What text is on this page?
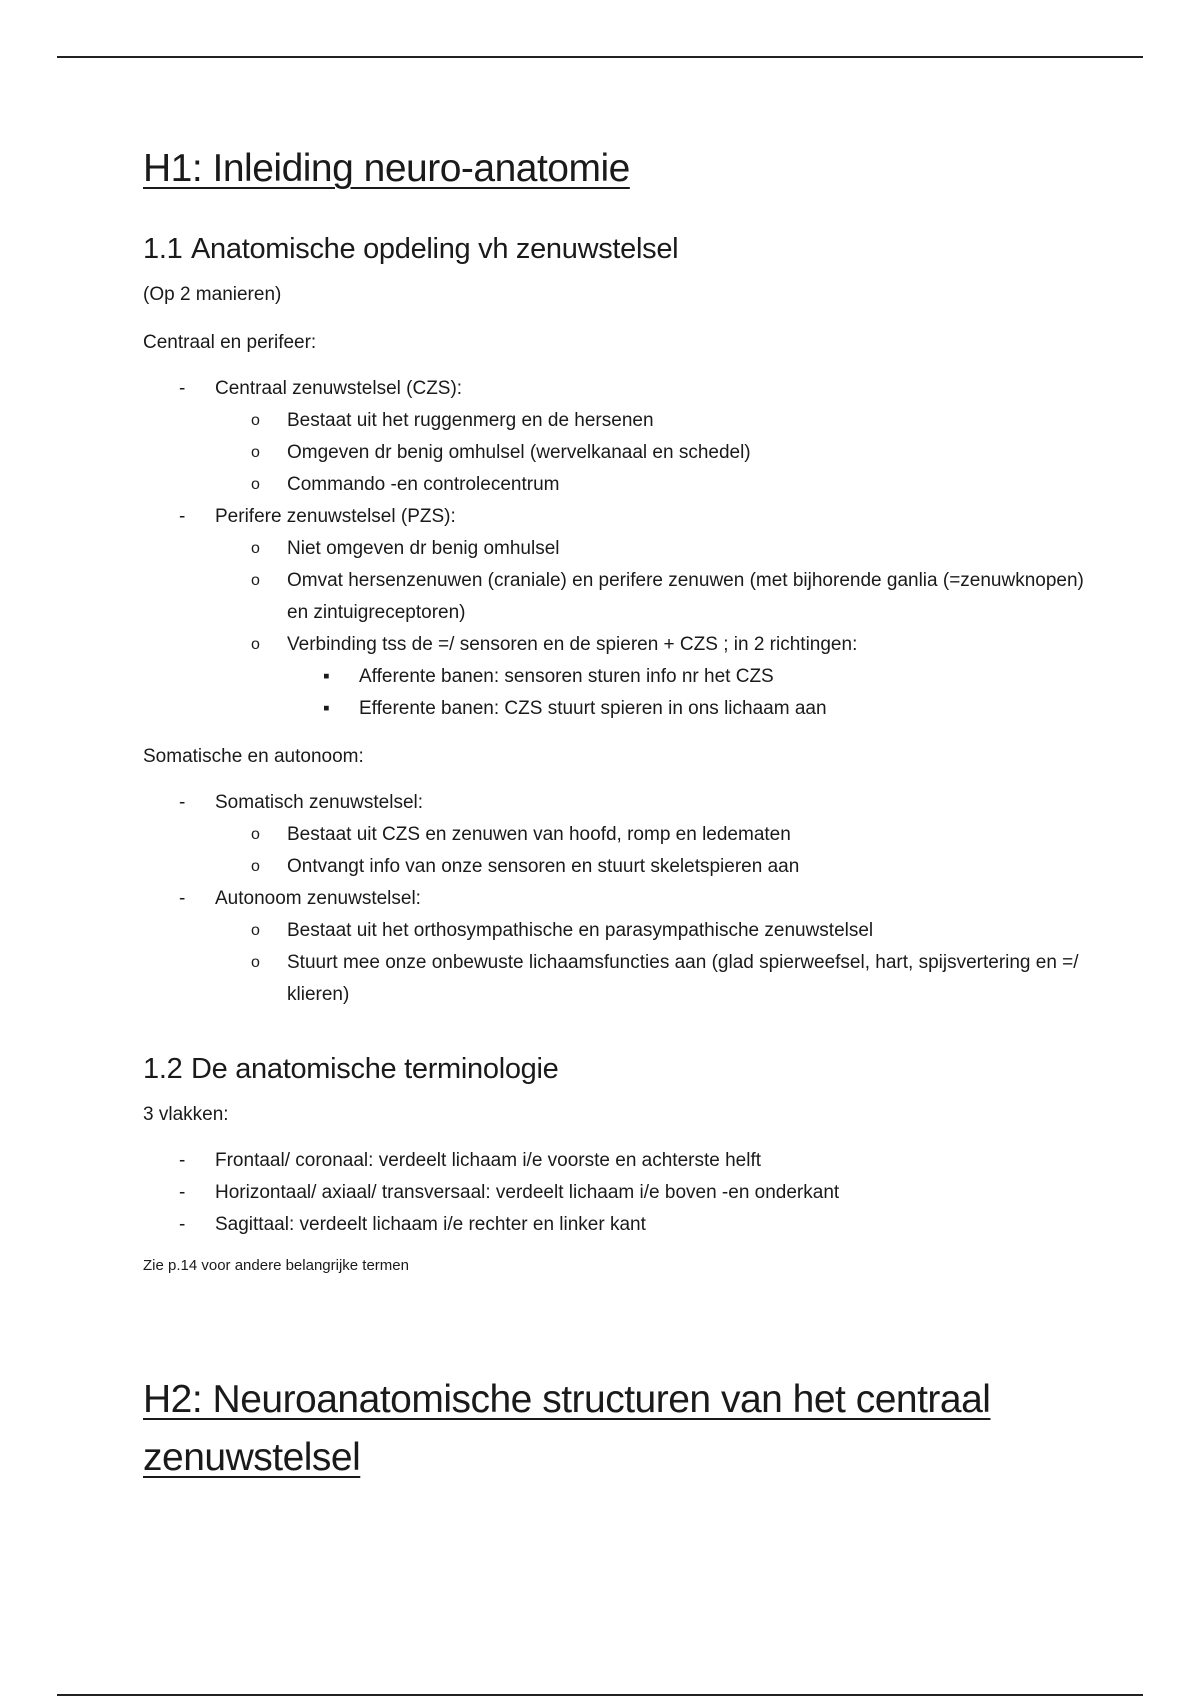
H1: Inleiding neuro-anatomie
1.1 Anatomische opdeling vh zenuwstelsel

(Op 2 manieren)

Centraal en perifeer:

- Centraal zenuwstelsel (CZS):
o	Bestaat uit het ruggenmerg en de hersenen
o	Omgeven dr benig omhulsel (wervelkanaal en schedel)
o	Commando -en controlecentrum
- Perifere zenuwstelsel (PZS):
o	Niet omgeven dr benig omhulsel
o	Omvat hersenzenuwen (craniale) en perifere zenuwen (met bijhorende ganlia (=zenuwknopen) en zintuigreceptoren)
o	Verbinding tss de =/ sensoren en de spieren + CZS ; in 2 richtingen:
▪ Afferente banen: sensoren sturen info nr het CZS
▪ Efferente banen: CZS stuurt spieren in ons lichaam aan

Somatische en autonoom:

- Somatisch zenuwstelsel:
o	Bestaat uit CZS en zenuwen van hoofd, romp en ledematen
o	Ontvangt info van onze sensoren en stuurt skeletspieren aan
- Autonoom zenuwstelsel:
o	Bestaat uit het orthosympathische en parasympathische zenuwstelsel
o	Stuurt mee onze onbewuste lichaamsfuncties aan (glad spierweefsel, hart, spijsvertering en =/ klieren)
1.2 De anatomische terminologie

3 vlakken:

- Frontaal/ coronaal: verdeelt lichaam i/e voorste en achterste helft
- Horizontaal/ axiaal/ transversaal: verdeelt lichaam i/e boven -en onderkant
- Sagittaal: verdeelt lichaam i/e rechter en linker kant

Zie p.14 voor andere belangrijke termen

H2: Neuroanatomische structuren van het centraal zenuwstelsel
